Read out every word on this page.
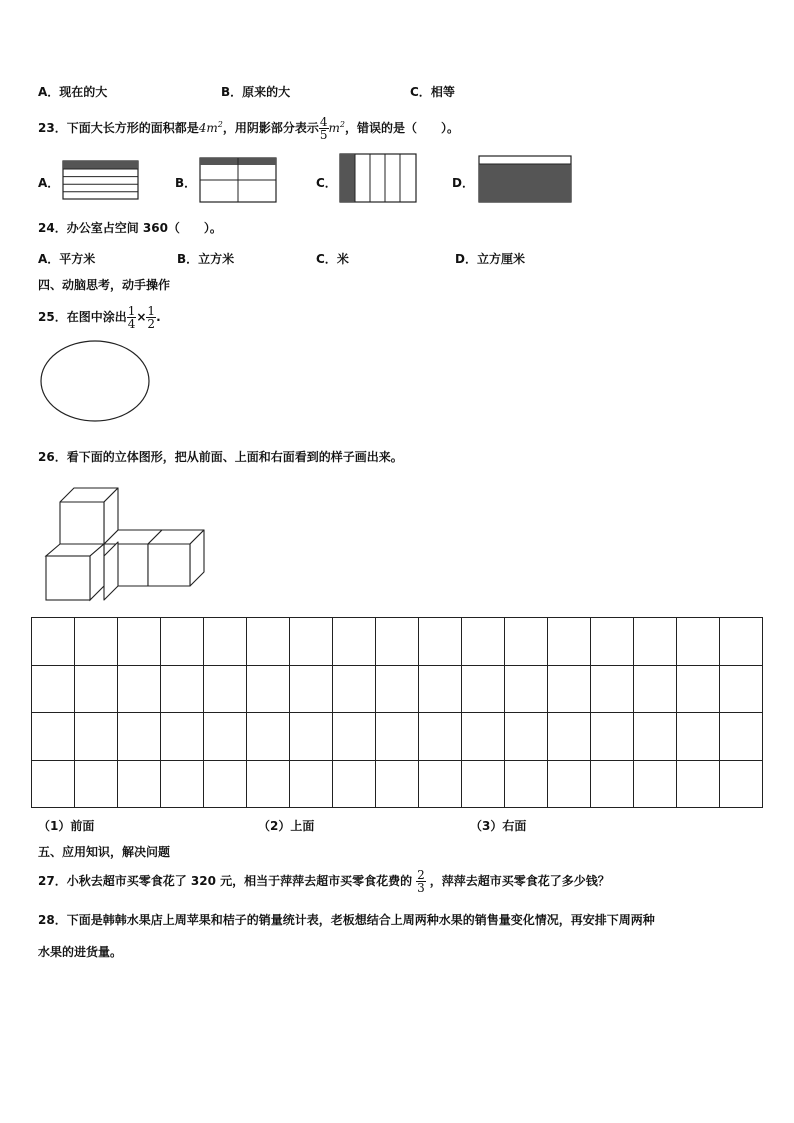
A．现在的大	B．原来的大	C．相等
23．下面大长方形的面积都是$4m^2$，用阴影部分表示 $\frac{4}{5} m^2$，错误的是（　　）。
A．	B．	C．	D．
24．办公室占空间 360（　　）。
A．平方米	B．立方米	C．米	D．立方厘米
四、动脑思考，动手操作
25．在图中涂出 $\frac{1}{4} \times \frac{1}{2}$ .
26．看下面的立体图形，把从前面、上面和右面看到的样子画出来。

（1）前面	（2）上面	（3）右面
五、应用知识，解决问题
27．小秋去超市买零食花了 320 元，相当于萍萍去超市买零食花费的 $\frac{2}{3}$ ，萍萍去超市买零食花了多少钱？
28．下面是韩韩水果店上周苹果和桔子的销量统计表，老板想结合上周两种水果的销售量变化情况，再安排下周两种
水果的进货量。
